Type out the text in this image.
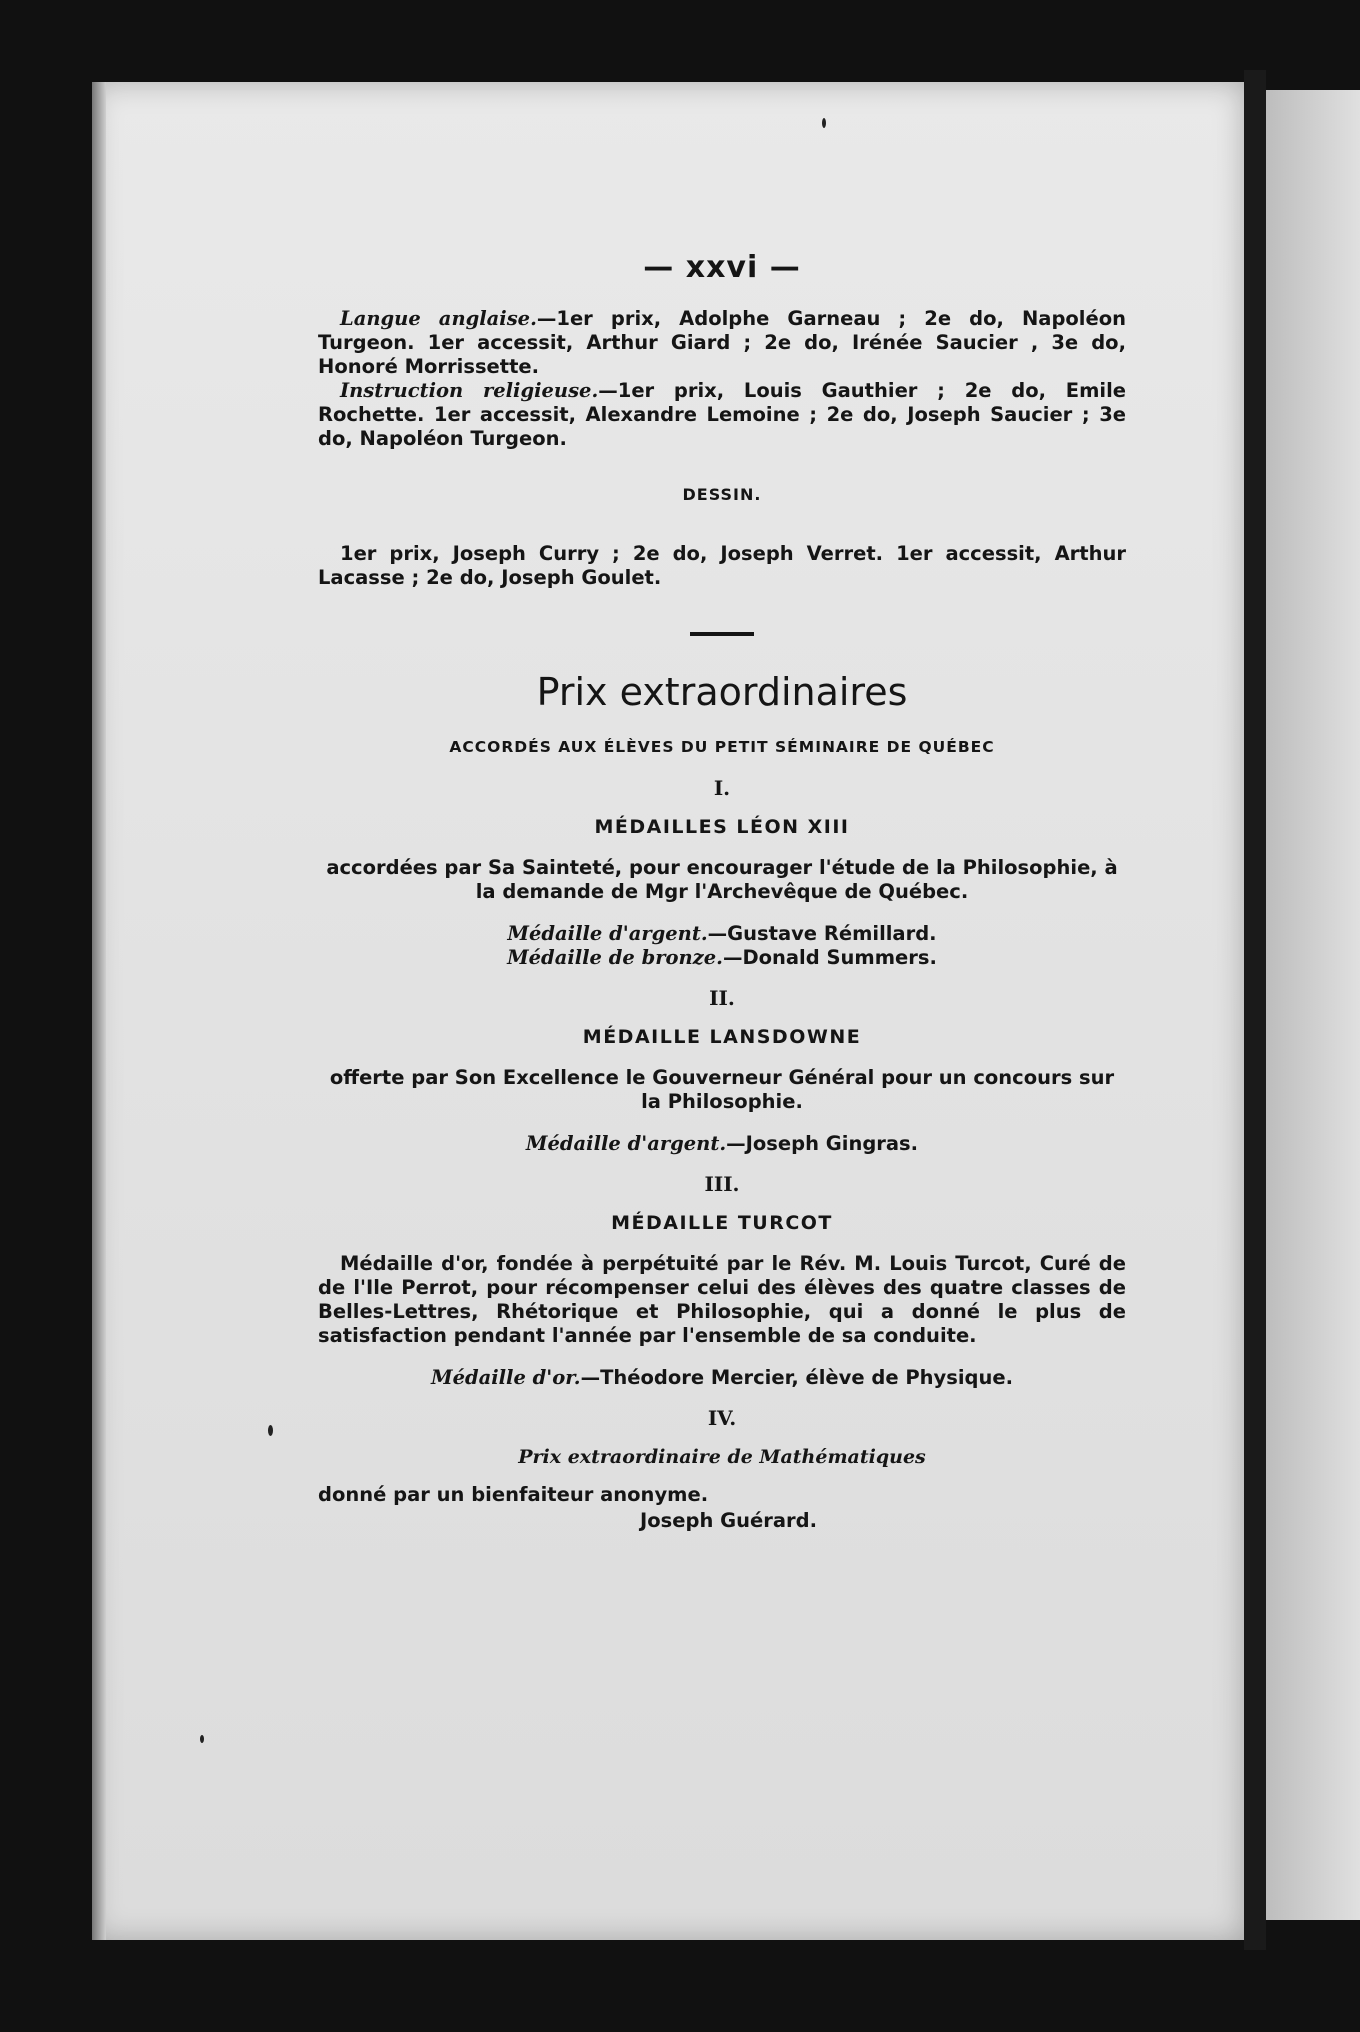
— xxvi —

Langue anglaise.—1er prix, Adolphe Garneau ; 2e do, Napoléon Turgeon. 1er accessit, Arthur Giard ; 2e do, Irénée Saucier , 3e do, Honoré Morrissette.

Instruction religieuse.—1er prix, Louis Gauthier ; 2e do, Emile Rochette. 1er accessit, Alexandre Lemoine ; 2e do, Joseph Saucier ; 3e do, Napoléon Turgeon.

DESSIN.

1er prix, Joseph Curry ; 2e do, Joseph Verret. 1er accessit, Arthur Lacasse ; 2e do, Joseph Goulet.

Prix extraordinaires
ACCORDÉS AUX ÉLÈVES DU PETIT SÉMINAIRE DE QUÉBEC
I.
MÉDAILLES LÉON XIII
accordées par Sa Sainteté, pour encourager l'étude de la Philosophie, à la demande de Mgr l'Archevêque de Québec.

Médaille d'argent.—Gustave Rémillard.

Médaille de bronze.—Donald Summers.

II.
MÉDAILLE LANSDOWNE
offerte par Son Excellence le Gouverneur Général pour un concours sur la Philosophie.

Médaille d'argent.—Joseph Gingras.

III.
MÉDAILLE TURCOT

Médaille d'or, fondée à perpétuité par le Rév. M. Louis Turcot, Curé de de l'Ile Perrot, pour récompenser celui des élèves des quatre classes de Belles-Lettres, Rhétorique et Philosophie, qui a donné le plus de satisfaction pendant l'année par l'ensemble de sa conduite.

Médaille d'or.—Théodore Mercier, élève de Physique.

IV.
Prix extraordinaire de Mathématiques

donné par un bienfaiteur anonyme.

Joseph Guérard.
